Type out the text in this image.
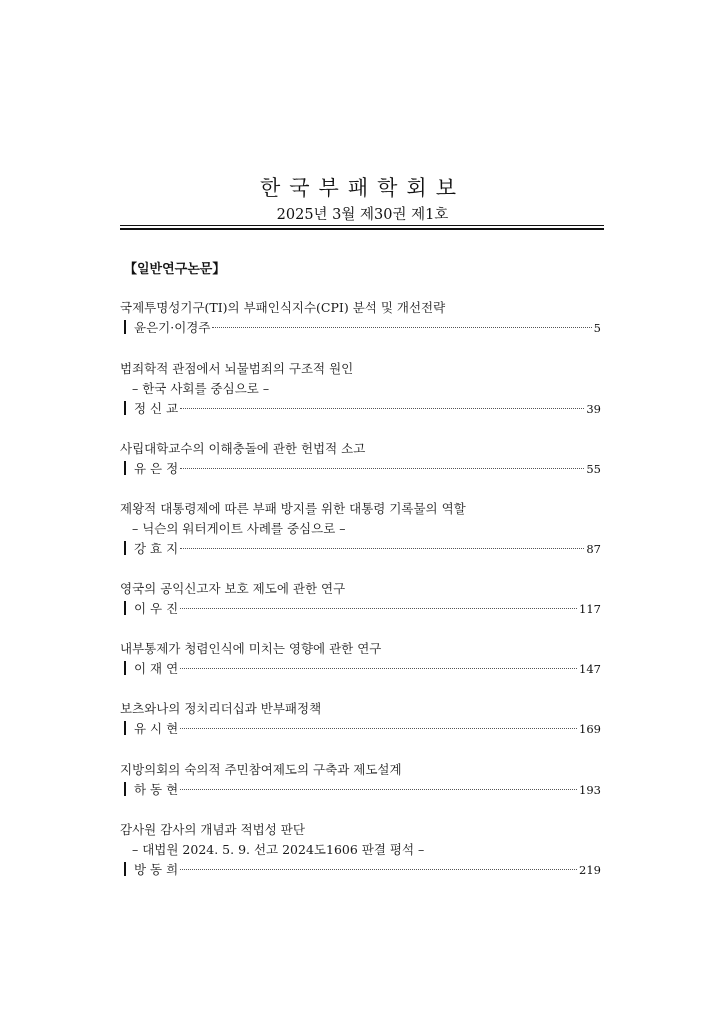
한국부패학회보
2025년 3월 제30권 제1호
【일반연구논문】
국제투명성기구(TI)의 부패인식지수(CPI) 분석 및 개선전략
윤은기·이경주	5
범죄학적 관점에서 뇌물범죄의 구조적 원인
– 한국 사회를 중심으로 –
정 신 교	39
사립대학교수의 이해충돌에 관한 헌법적 소고
유 은 정	55
제왕적 대통령제에 따른 부패 방지를 위한 대통령 기록물의 역할
– 닉슨의 워터게이트 사례를 중심으로 –
강 효 지	87
영국의 공익신고자 보호 제도에 관한 연구
이 우 진	117
내부통제가 청렴인식에 미치는 영향에 관한 연구
이 재 연	147
보츠와나의 정치리더십과 반부패정책
유 시 현	169
지방의회의 숙의적 주민참여제도의 구축과 제도설계
하 동 현	193
감사원 감사의 개념과 적법성 판단
– 대법원 2024. 5. 9. 선고 2024도1606 판결 평석 –
방 동 희	219
